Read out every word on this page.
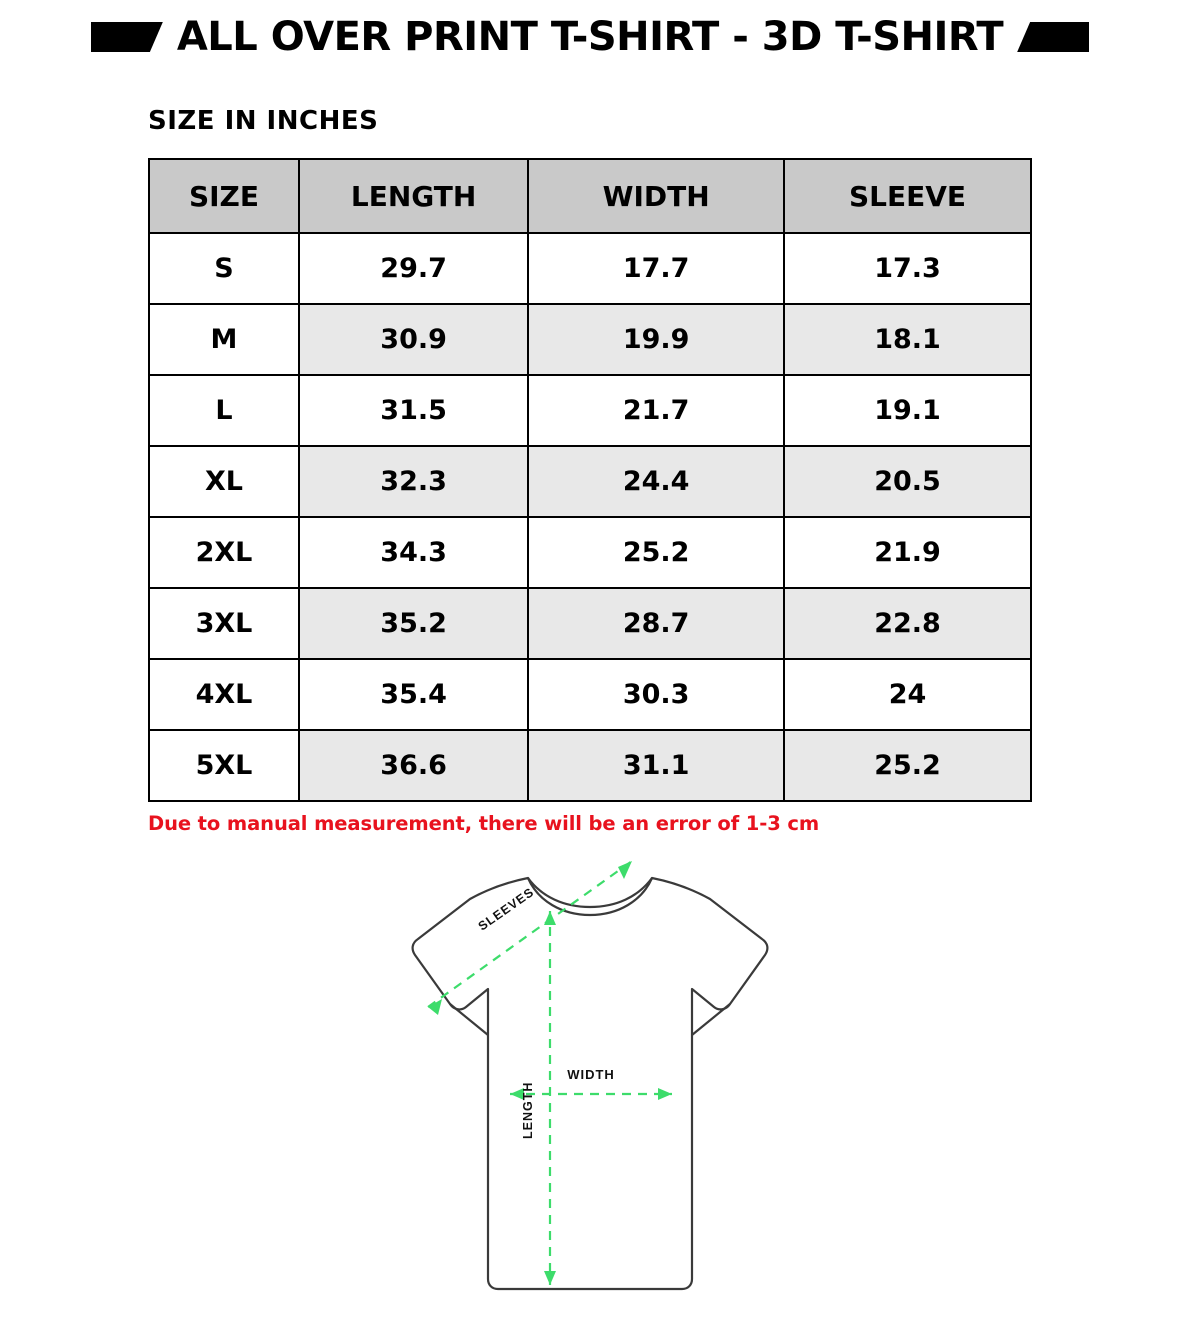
ALL OVER PRINT T-SHIRT - 3D T-SHIRT
SIZE IN INCHES
SIZE	LENGTH	WIDTH	SLEEVE
S	29.7	17.7	17.3
M	30.9	19.9	18.1
L	31.5	21.7	19.1
XL	32.3	24.4	20.5
2XL	34.3	25.2	21.9
3XL	35.2	28.7	22.8
4XL	35.4	30.3	24
5XL	36.6	31.1	25.2
Due to manual measurement, there will be an error of 1-3 cm
SLEEVES
WIDTH
LENGTH
